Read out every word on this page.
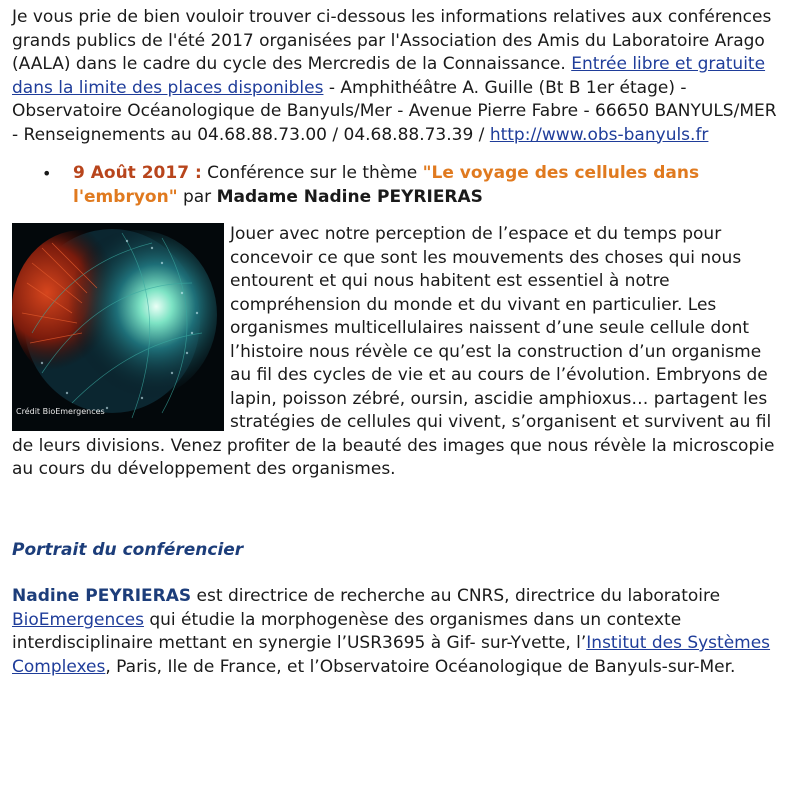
Je vous prie de bien vouloir trouver ci-dessous les informations relatives aux conférences grands publics de l'été 2017 organisées par l'Association des Amis du Laboratoire Arago (AALA) dans le cadre du cycle des Mercredis de la Connaissance. Entrée libre et gratuite dans la limite des places disponibles - Amphithéâtre A. Guille (Bt B 1er étage) - Observatoire Océanologique de Banyuls/Mer - Avenue Pierre Fabre - 66650 BANYULS/MER - Renseignements au 04.68.88.73.00 / 04.68.88.73.39 / http://www.obs-banyuls.fr

• 9 Août 2017 : Conférence sur le thème "Le voyage des cellules dans l'embryon" par Madame Nadine PEYRIERAS
Crédit BioEmergences

Jouer avec notre perception de l’espace et du temps pour concevoir ce que sont les mouvements des choses qui nous entourent et qui nous habitent est essentiel à notre compréhension du monde et du vivant en particulier. Les organismes multicellulaires naissent d’une seule cellule dont l’histoire nous révèle ce qu’est la construction d’un organisme au fil des cycles de vie et au cours de l’évolution. Embryons de lapin, poisson zébré, oursin, ascidie amphioxus… partagent les stratégies de cellules qui vivent, s’organisent et survivent au fil de leurs divisions. Venez profiter de la beauté des images que nous révèle la microscopie au cours du développement des organismes.

Portrait du conférencier

Nadine PEYRIERAS est directrice de recherche au CNRS, directrice du laboratoire BioEmergences qui étudie la morphogenèse des organismes dans un contexte interdisciplinaire mettant en synergie l’USR3695 à Gif- sur-Yvette, l’Institut des Systèmes Complexes, Paris, Ile de France, et l’Observatoire Océanologique de Banyuls-sur-Mer.
